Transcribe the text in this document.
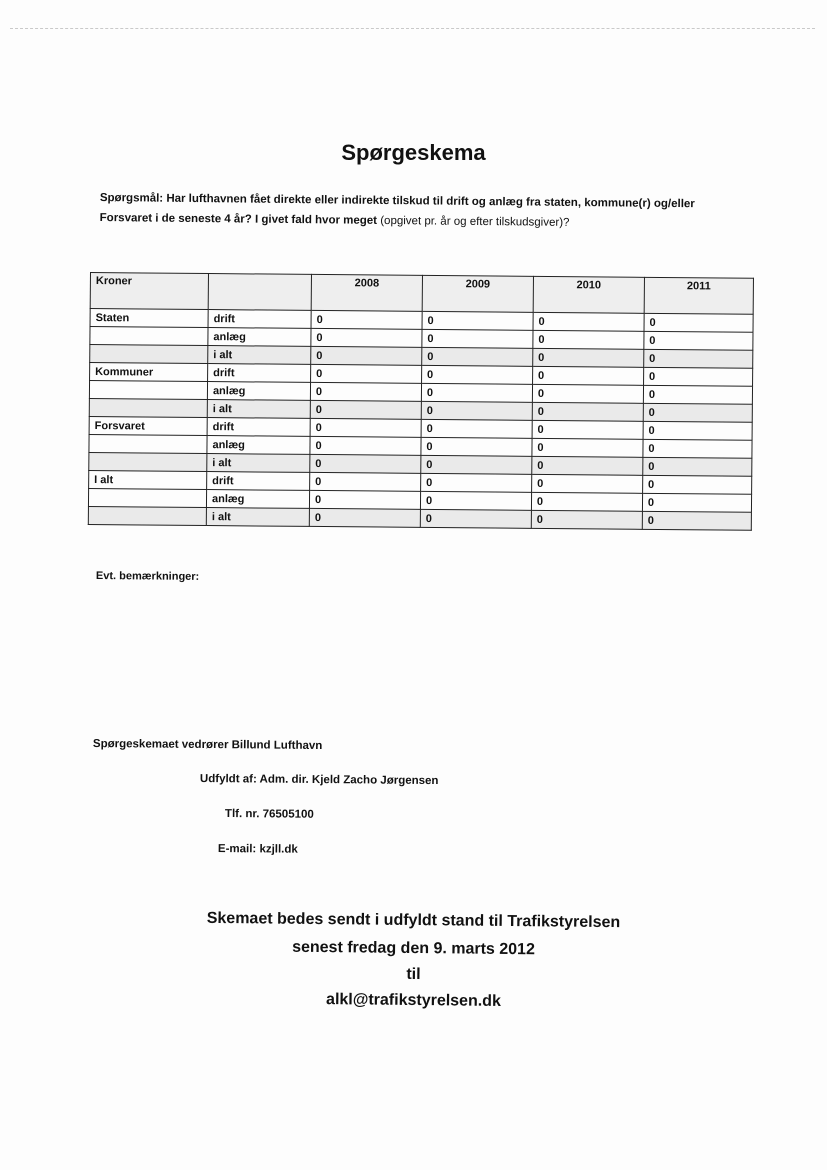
Spørgeskema
Spørgsmål: Har lufthavnen fået direkte eller indirekte tilskud til drift og anlæg fra staten, kommune(r) og/eller Forsvaret i de seneste 4 år? I givet fald hvor meget (opgivet pr. år og efter tilskudsgiver)?
Kroner		2008	2009	2010	2011
Staten	drift	0	0	0	0
	anlæg	0	0	0	0
	i alt	0	0	0	0
Kommuner	drift	0	0	0	0
	anlæg	0	0	0	0
	i alt	0	0	0	0
Forsvaret	drift	0	0	0	0
	anlæg	0	0	0	0
	i alt	0	0	0	0
I alt	drift	0	0	0	0
	anlæg	0	0	0	0
	i alt	0	0	0	0
Evt. bemærkninger:
Spørgeskemaet vedrører Billund Lufthavn
Udfyldt af: Adm. dir. Kjeld Zacho Jørgensen
Tlf. nr. 76505100
E-mail: kzjll.dk
Skemaet bedes sendt i udfyldt stand til Trafikstyrelsen
senest fredag den 9. marts 2012
til
alkl@trafikstyrelsen.dk
